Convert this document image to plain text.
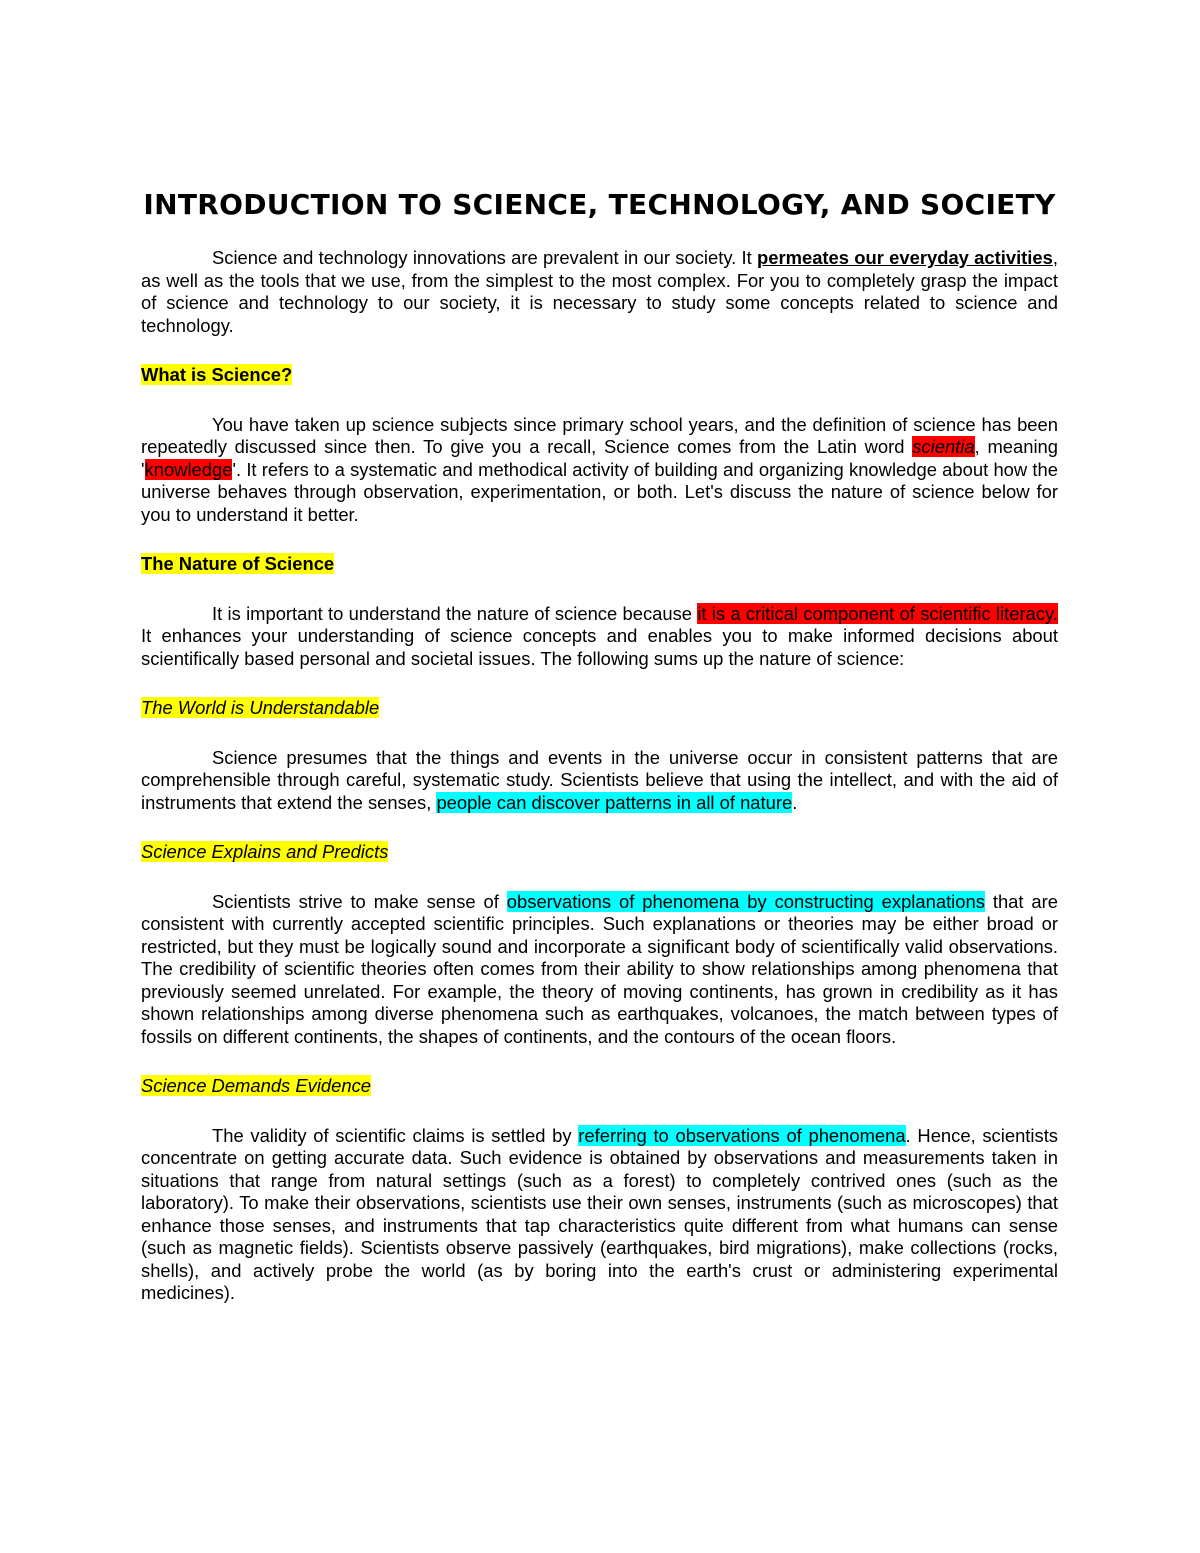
INTRODUCTION TO SCIENCE, TECHNOLOGY, AND SOCIETY

Science and technology innovations are prevalent in our society. It permeates our everyday activities, as well as the tools that we use, from the simplest to the most complex. For you to completely grasp the impact of science and technology to our society, it is necessary to study some concepts related to science and technology.

What is Science?

You have taken up science subjects since primary school years, and the definition of science has been repeatedly discussed since then. To give you a recall, Science comes from the Latin word scientia, meaning 'knowledge'. It refers to a systematic and methodical activity of building and organizing knowledge about how the universe behaves through observation, experimentation, or both. Let's discuss the nature of science below for you to understand it better.

The Nature of Science

It is important to understand the nature of science because it is a critical component of scientific literacy. It enhances your understanding of science concepts and enables you to make informed decisions about scientifically based personal and societal issues. The following sums up the nature of science:

The World is Understandable

Science presumes that the things and events in the universe occur in consistent patterns that are comprehensible through careful, systematic study. Scientists believe that using the intellect, and with the aid of instruments that extend the senses, people can discover patterns in all of nature.

Science Explains and Predicts

Scientists strive to make sense of observations of phenomena by constructing explanations that are consistent with currently accepted scientific principles. Such explanations or theories may be either broad or restricted, but they must be logically sound and incorporate a significant body of scientifically valid observations. The credibility of scientific theories often comes from their ability to show relationships among phenomena that previously seemed unrelated. For example, the theory of moving continents, has grown in credibility as it has shown relationships among diverse phenomena such as earthquakes, volcanoes, the match between types of fossils on different continents, the shapes of continents, and the contours of the ocean floors.

Science Demands Evidence

The validity of scientific claims is settled by referring to observations of phenomena. Hence, scientists concentrate on getting accurate data. Such evidence is obtained by observations and measurements taken in situations that range from natural settings (such as a forest) to completely contrived ones (such as the laboratory). To make their observations, scientists use their own senses, instruments (such as microscopes) that enhance those senses, and instruments that tap characteristics quite different from what humans can sense (such as magnetic fields). Scientists observe passively (earthquakes, bird migrations), make collections (rocks, shells), and actively probe the world (as by boring into the earth's crust or administering experimental medicines).
